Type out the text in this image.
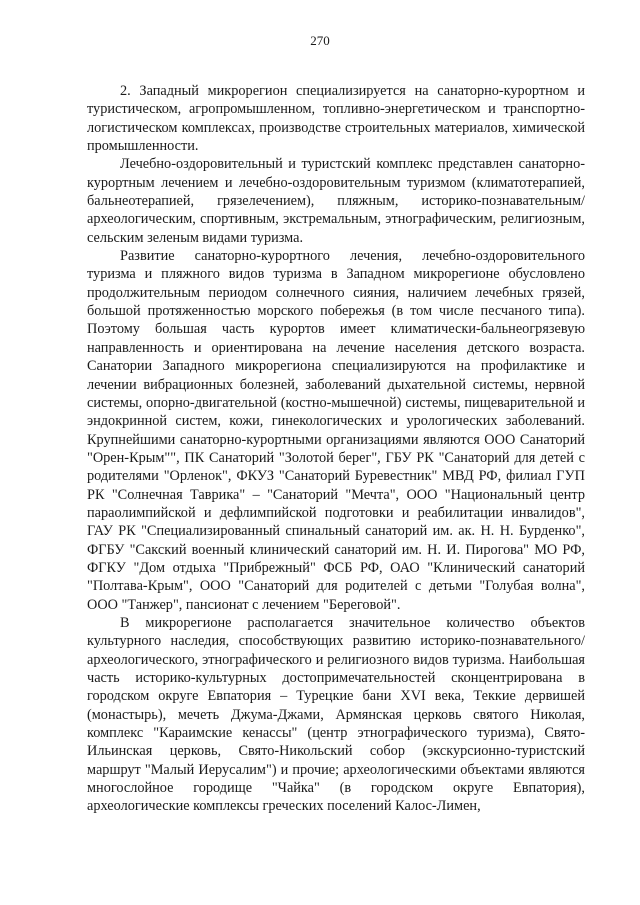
270

2. Западный микрорегион специализируется на санаторно-курортном и туристическом, агропромышленном, топливно-энергетическом и транспортно-логистическом комплексах, производстве строительных материалов, химической промышленности.

Лечебно-оздоровительный и туристский комплекс представлен санаторно-курортным лечением и лечебно-оздоровительным туризмом (климатотерапией, бальнеотерапией, грязелечением), пляжным, историко-познавательным/археологическим, спортивным, экстремальным, этнографическим, религиозным, сельским зеленым видами туризма.

Развитие санаторно-курортного лечения, лечебно-оздоровительного туризма и пляжного видов туризма в Западном микрорегионе обусловлено продолжительным периодом солнечного сияния, наличием лечебных грязей, большой протяженностью морского побережья (в том числе песчаного типа). Поэтому большая часть курортов имеет климатически-бальнеогрязевую направленность и ориентирована на лечение населения детского возраста. Санатории Западного микрорегиона специализируются на профилактике и лечении вибрационных болезней, заболеваний дыхательной системы, нервной системы, опорно-двигательной (костно-мышечной) системы, пищеварительной и эндокринной систем, кожи, гинекологических и урологических заболеваний. Крупнейшими санаторно-курортными организациями являются ООО Санаторий "Орен-Крым"", ПК Санаторий "Золотой берег", ГБУ РК "Санаторий для детей с родителями "Орленок", ФКУЗ "Санаторий Буревестник" МВД РФ, филиал ГУП РК "Солнечная Таврика" – "Санаторий "Мечта", ООО "Национальный центр параолимпийской и дефлимпийской подготовки и реабилитации инвалидов", ГАУ РК "Специализированный спинальный санаторий им. ак. Н. Н. Бурденко", ФГБУ "Сакский военный клинический санаторий им. Н. И. Пирогова" МО РФ, ФГКУ "Дом отдыха "Прибрежный" ФСБ РФ, ОАО "Клинический санаторий "Полтава-Крым", ООО "Санаторий для родителей с детьми "Голубая волна", ООО "Танжер", пансионат с лечением "Береговой".

В микрорегионе располагается значительное количество объектов культурного наследия, способствующих развитию историко-познавательного/археологического, этнографического и религиозного видов туризма. Наибольшая часть историко-культурных достопримечательностей сконцентрирована в городском округе Евпатория – Турецкие бани XVI века, Теккие дервишей (монастырь), мечеть Джума-Джами, Армянская церковь святого Николая, комплекс "Караимские кенассы" (центр этнографического туризма), Свято-Ильинская церковь, Свято-Никольский собор (экскурсионно-туристский маршрут "Малый Иерусалим") и прочие; археологическими объектами являются многослойное городище "Чайка" (в городском округе Евпатория), археологические комплексы греческих поселений Калос-Лимен,
